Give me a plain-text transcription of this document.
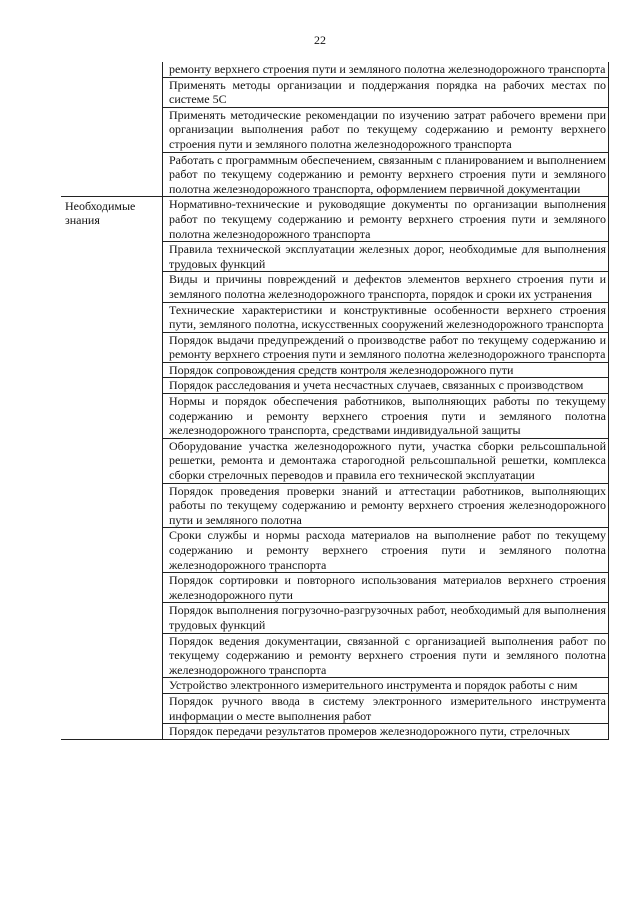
22
ремонту верхнего строения пути и земляного полотна железнодорожного транспорта
Применять методы организации и поддержания порядка на рабочих местах по системе 5С
Применять методические рекомендации по изучению затрат рабочего времени при организации выполнения работ по текущему содержанию и ремонту верхнего строения пути и земляного полотна железнодорожного транспорта
Работать с программным обеспечением, связанным с планированием и выполнением работ по текущему содержанию и ремонту верхнего строения пути и земляного полотна железнодорожного транспорта, оформлением первичной документации
Необходимые знания
Нормативно-технические и руководящие документы по организации выполнения работ по текущему содержанию и ремонту верхнего строения пути и земляного полотна железнодорожного транспорта
Правила технической эксплуатации железных дорог, необходимые для выполнения трудовых функций
Виды и причины повреждений и дефектов элементов верхнего строения пути и земляного полотна железнодорожного транспорта, порядок и сроки их устранения
Технические характеристики и конструктивные особенности верхнего строения пути, земляного полотна, искусственных сооружений железнодорожного транспорта
Порядок выдачи предупреждений о производстве работ по текущему содержанию и ремонту верхнего строения пути и земляного полотна железнодорожного транспорта
Порядок сопровождения средств контроля железнодорожного пути
Порядок расследования и учета несчастных случаев, связанных с производством
Нормы и порядок обеспечения работников, выполняющих работы по текущему содержанию и ремонту верхнего строения пути и земляного полотна железнодорожного транспорта, средствами индивидуальной защиты
Оборудование участка железнодорожного пути, участка сборки рельсошпальной решетки, ремонта и демонтажа старогодной рельсошпальной решетки, комплекса сборки стрелочных переводов и правила его технической эксплуатации
Порядок проведения проверки знаний и аттестации работников, выполняющих работы по текущему содержанию и ремонту верхнего строения железнодорожного пути и земляного полотна
Сроки службы и нормы расхода материалов на выполнение работ по текущему содержанию и ремонту верхнего строения пути и земляного полотна железнодорожного транспорта
Порядок сортировки и повторного использования материалов верхнего строения железнодорожного пути
Порядок выполнения погрузочно-разгрузочных работ, необходимый для выполнения трудовых функций
Порядок ведения документации, связанной с организацией выполнения работ по текущему содержанию и ремонту верхнего строения пути и земляного полотна железнодорожного транспорта
Устройство электронного измерительного инструмента и порядок работы с ним
Порядок ручного ввода в систему электронного измерительного инструмента информации о месте выполнения работ
Порядок передачи результатов промеров железнодорожного пути, стрелочных
